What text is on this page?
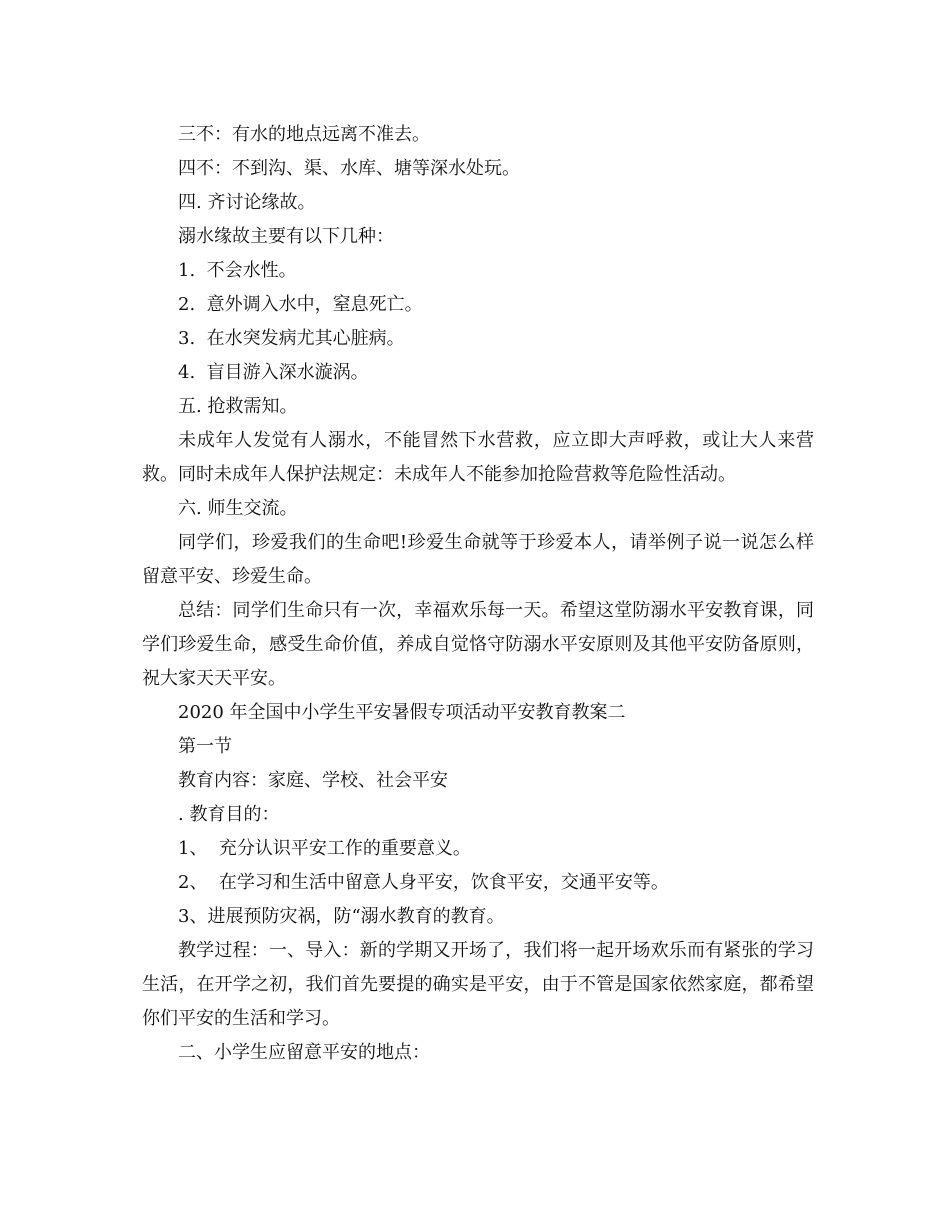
三不：有水的地点远离不准去。

四不：不到沟、渠、水库、塘等深水处玩。

四. 齐讨论缘故。

溺水缘故主要有以下几种：

1.  不会水性。

2.  意外调入水中，窒息死亡。

3.  在水突发病尤其心脏病。

4.  盲目游入深水漩涡。

五. 抢救需知。

未成年人发觉有人溺水，不能冒然下水营救，应立即大声呼救，或让大人来营救。同时未成年人保护法规定：未成年人不能参加抢险营救等危险性活动。

六. 师生交流。

同学们，珍爱我们的生命吧!珍爱生命就等于珍爱本人，请举例子说一说怎么样留意平安、珍爱生命。

总结：同学们生命只有一次，幸福欢乐每一天。希望这堂防溺水平安教育课，同学们珍爱生命，感受生命价值，养成自觉恪守防溺水平安原则及其他平安防备原则，祝大家天天平安。

2020 年全国中小学生平安暑假专项活动平安教育教案二

第一节

教育内容：家庭、学校、社会平安

. 教育目的：

1、  充分认识平安工作的重要意义。

2、  在学习和生活中留意人身平安，饮食平安，交通平安等。

3、进展预防灾祸，防“溺水教育的教育。

教学过程：一、导入：新的学期又开场了，我们将一起开场欢乐而有紧张的学习生活，在开学之初，我们首先要提的确实是平安，由于不管是国家依然家庭，都希望你们平安的生活和学习。

二、小学生应留意平安的地点：
